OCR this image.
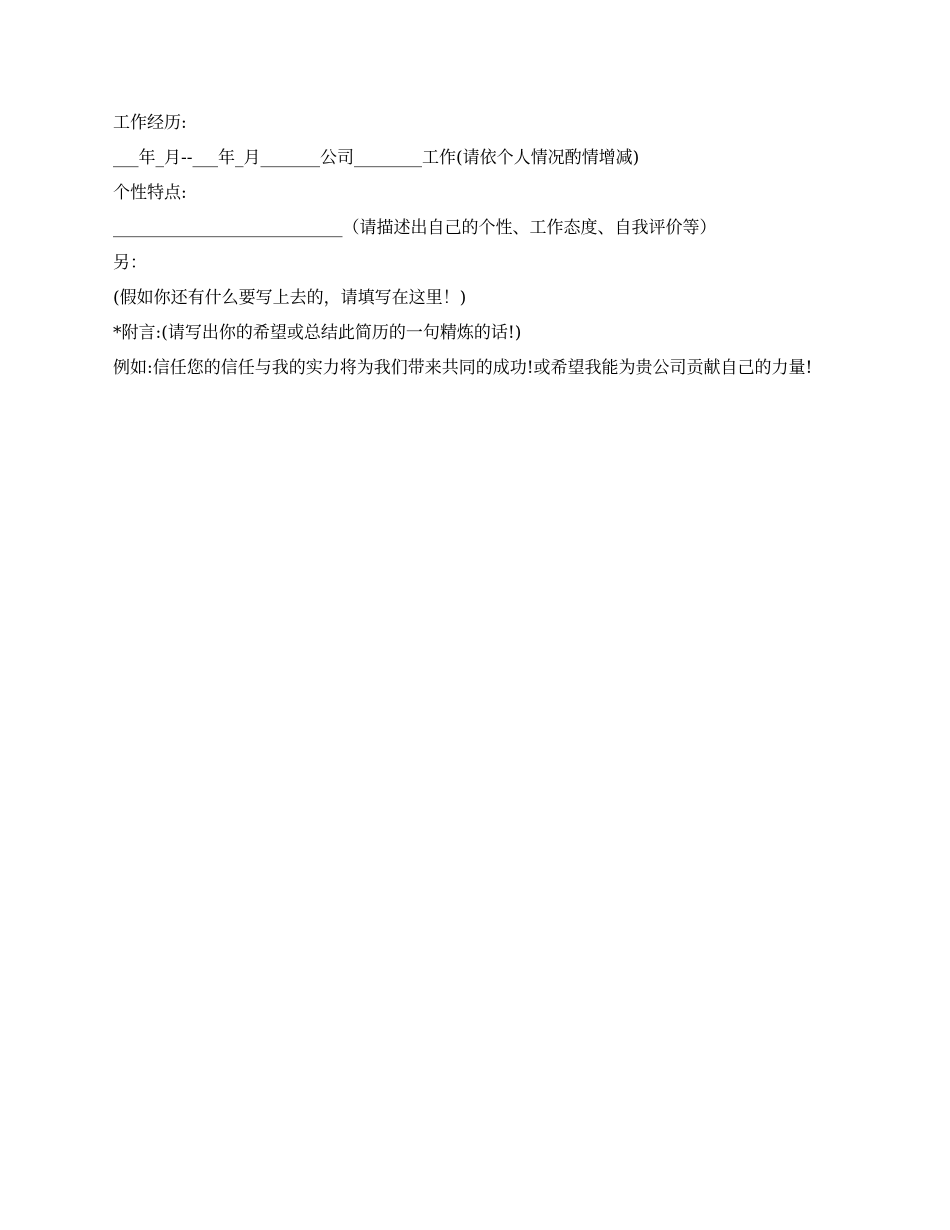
工作经历:

___年_月--___年_月_______公司________工作(请依个人情况酌情增减)

个性特点:

___________________________（请描述出自己的个性、工作态度、自我评价等）

另：

(假如你还有什么要写上去的，请填写在这里！)

*附言:(请写出你的希望或总结此简历的一句精炼的话!)

例如:信任您的信任与我的实力将为我们带来共同的成功!或希望我能为贵公司贡献自己的力量!
